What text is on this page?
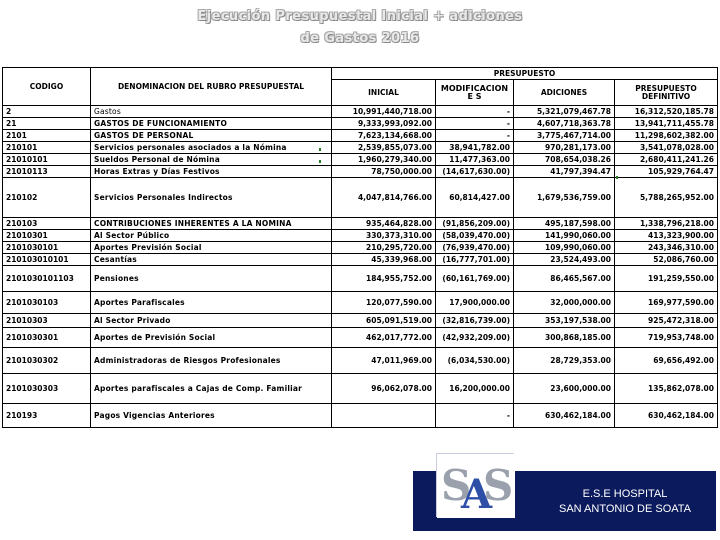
Ejecución Presupuestal Inicial + adiciones
de Gastos 2016
CODIGO	DENOMINACION DEL RUBRO PRESUPUESTAL	PRESUPUESTO			
		INICIAL	MODIFICACIONE S	ADICIONES	PRESUPUESTO DEFINITIVO
2	Gastos	10,991,440,718.00	-	5,321,079,467.78	16,312,520,185.78
21	GASTOS DE FUNCIONAMIENTO	9,333,993,092.00	-	4,607,718,363.78	13,941,711,455.78
2101	GASTOS DE PERSONAL	7,623,134,668.00	-	3,775,467,714.00	11,298,602,382.00
210101	Servicios personales asociados a la Nómina	2,539,855,073.00	38,941,782.00	970,281,173.00	3,541,078,028.00
21010101	Sueldos Personal de Nómina	1,960,279,340.00	11,477,363.00	708,654,038.26	2,680,411,241.26
21010113	Horas Extras y Días Festivos	78,750,000.00	(14,617,630.00)	41,797,394.47	105,929,764.47
210102	Servicios Personales Indirectos	4,047,814,766.00	60,814,427.00	1,679,536,759.00	5,788,265,952.00
210103	CONTRIBUCIONES INHERENTES A LA NOMINA	935,464,828.00	(91,856,209.00)	495,187,598.00	1,338,796,218.00
21010301	Al Sector Público	330,373,310.00	(58,039,470.00)	141,990,060.00	413,323,900.00
2101030101	Aportes Previsión Social	210,295,720.00	(76,939,470.00)	109,990,060.00	243,346,310.00
210103010101	Cesantías	45,339,968.00	(16,777,701.00)	23,524,493.00	52,086,760.00
2101030101103	Pensiones	184,955,752.00	(60,161,769.00)	86,465,567.00	191,259,550.00
2101030103	Aportes Parafiscales	120,077,590.00	17,900,000.00	32,000,000.00	169,977,590.00
21010303	Al Sector Privado	605,091,519.00	(32,816,739.00)	353,197,538.00	925,472,318.00
2101030301	Aportes de Previsión Social	462,017,772.00	(42,932,209.00)	300,868,185.00	719,953,748.00
2101030302	Administradoras de Riesgos Profesionales	47,011,969.00	(6,034,530.00)	28,729,353.00	69,656,492.00
2101030303	Aportes parafiscales a Cajas de Comp. Familiar	96,062,078.00	16,200,000.00	23,600,000.00	135,862,078.00
210193	Pagos Vigencias Anteriores		-	630,462,184.00	630,462,184.00
S
A
S	E.S.E HOSPITAL
SAN ANTONIO DE SOATA
